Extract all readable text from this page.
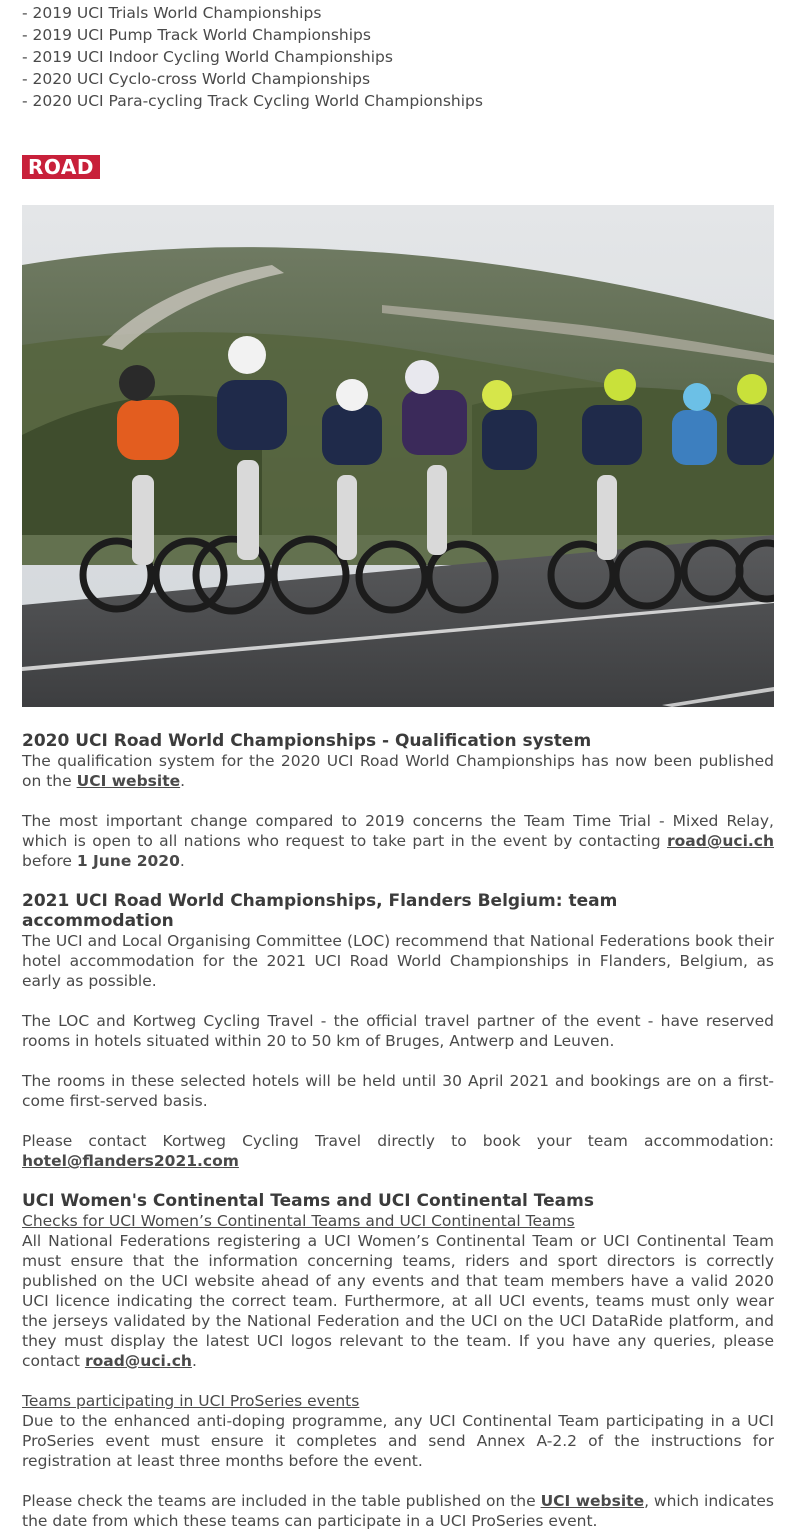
- 2019 UCI Trials World Championships
- 2019 UCI Pump Track World Championships
- 2019 UCI Indoor Cycling World Championships
- 2020 UCI Cyclo-cross World Championships
- 2020 UCI Para-cycling Track Cycling World Championships
ROAD
2020 UCI Road World Championships - Qualification system

The qualification system for the 2020 UCI Road World Championships has now been published on the UCI website.

The most important change compared to 2019 concerns the Team Time Trial - Mixed Relay, which is open to all nations who request to take part in the event by contacting road@uci.ch before 1 June 2020.

2021 UCI Road World Championships, Flanders Belgium: team accommodation

The UCI and Local Organising Committee (LOC) recommend that National Federations book their hotel accommodation for the 2021 UCI Road World Championships in Flanders, Belgium, as early as possible.

The LOC and Kortweg Cycling Travel - the official travel partner of the event - have reserved rooms in hotels situated within 20 to 50 km of Bruges, Antwerp and Leuven.

The rooms in these selected hotels will be held until 30 April 2021 and bookings are on a first-come first-served basis.

Please contact Kortweg Cycling Travel directly to book your team accommodation: hotel@flanders2021.com

UCI Women's Continental Teams and UCI Continental Teams
Checks for UCI Women’s Continental Teams and UCI Continental Teams

All National Federations registering a UCI Women’s Continental Team or UCI Continental Team must ensure that the information concerning teams, riders and sport directors is correctly published on the UCI website ahead of any events and that team members have a valid 2020 UCI licence indicating the correct team. Furthermore, at all UCI events, teams must only wear the jerseys validated by the National Federation and the UCI on the UCI DataRide platform, and they must display the latest UCI logos relevant to the team. If you have any queries, please contact road@uci.ch.

Teams participating in UCI ProSeries events

Due to the enhanced anti-doping programme, any UCI Continental Team participating in a UCI ProSeries event must ensure it completes and send Annex A-2.2 of the instructions for registration at least three months before the event.

Please check the teams are included in the table published on the UCI website, which indicates the date from which these teams can participate in a UCI ProSeries event.
